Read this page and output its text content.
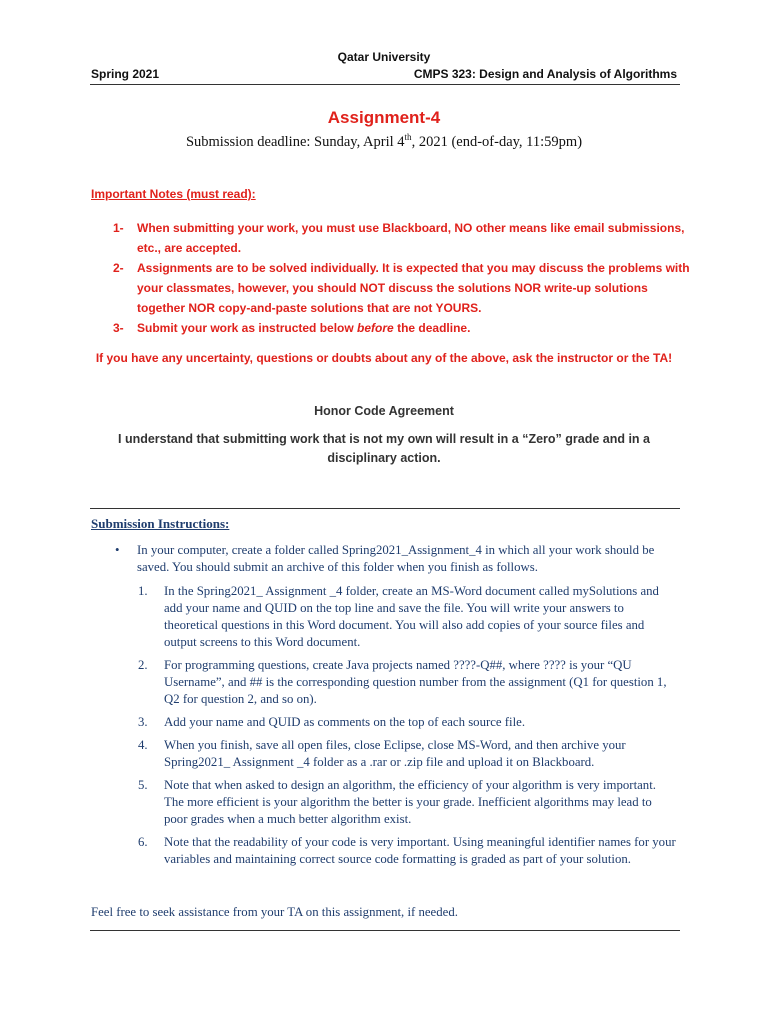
Qatar University
Spring 2021	CMPS 323: Design and Analysis of Algorithms
Assignment-4
Submission deadline: Sunday, April 4th, 2021 (end-of-day, 11:59pm)
Important Notes (must read):
1- When submitting your work, you must use Blackboard, NO other means like email submissions, etc., are accepted.
2- Assignments are to be solved individually. It is expected that you may discuss the problems with your classmates, however, you should NOT discuss the solutions NOR write-up solutions together NOR copy-and-paste solutions that are not YOURS.
3- Submit your work as instructed below before the deadline.
If you have any uncertainty, questions or doubts about any of the above, ask the instructor or the TA!
Honor Code Agreement
I understand that submitting work that is not my own will result in a “Zero” grade and in a disciplinary action.
Submission Instructions:
• In your computer, create a folder called Spring2021_Assignment_4 in which all your work should be saved. You should submit an archive of this folder when you finish as follows.
1. In the Spring2021_ Assignment _4 folder, create an MS-Word document called mySolutions and add your name and QUID on the top line and save the file. You will write your answers to theoretical questions in this Word document. You will also add copies of your source files and output screens to this Word document.
2. For programming questions, create Java projects named ????-Q##, where ???? is your “QU Username”, and ## is the corresponding question number from the assignment (Q1 for question 1, Q2 for question 2, and so on).
3. Add your name and QUID as comments on the top of each source file.
4. When you finish, save all open files, close Eclipse, close MS-Word, and then archive your Spring2021_ Assignment _4 folder as a .rar or .zip file and upload it on Blackboard.
5. Note that when asked to design an algorithm, the efficiency of your algorithm is very important. The more efficient is your algorithm the better is your grade. Inefficient algorithms may lead to poor grades when a much better algorithm exist.
6. Note that the readability of your code is very important. Using meaningful identifier names for your variables and maintaining correct source code formatting is graded as part of your solution.
Feel free to seek assistance from your TA on this assignment, if needed.
